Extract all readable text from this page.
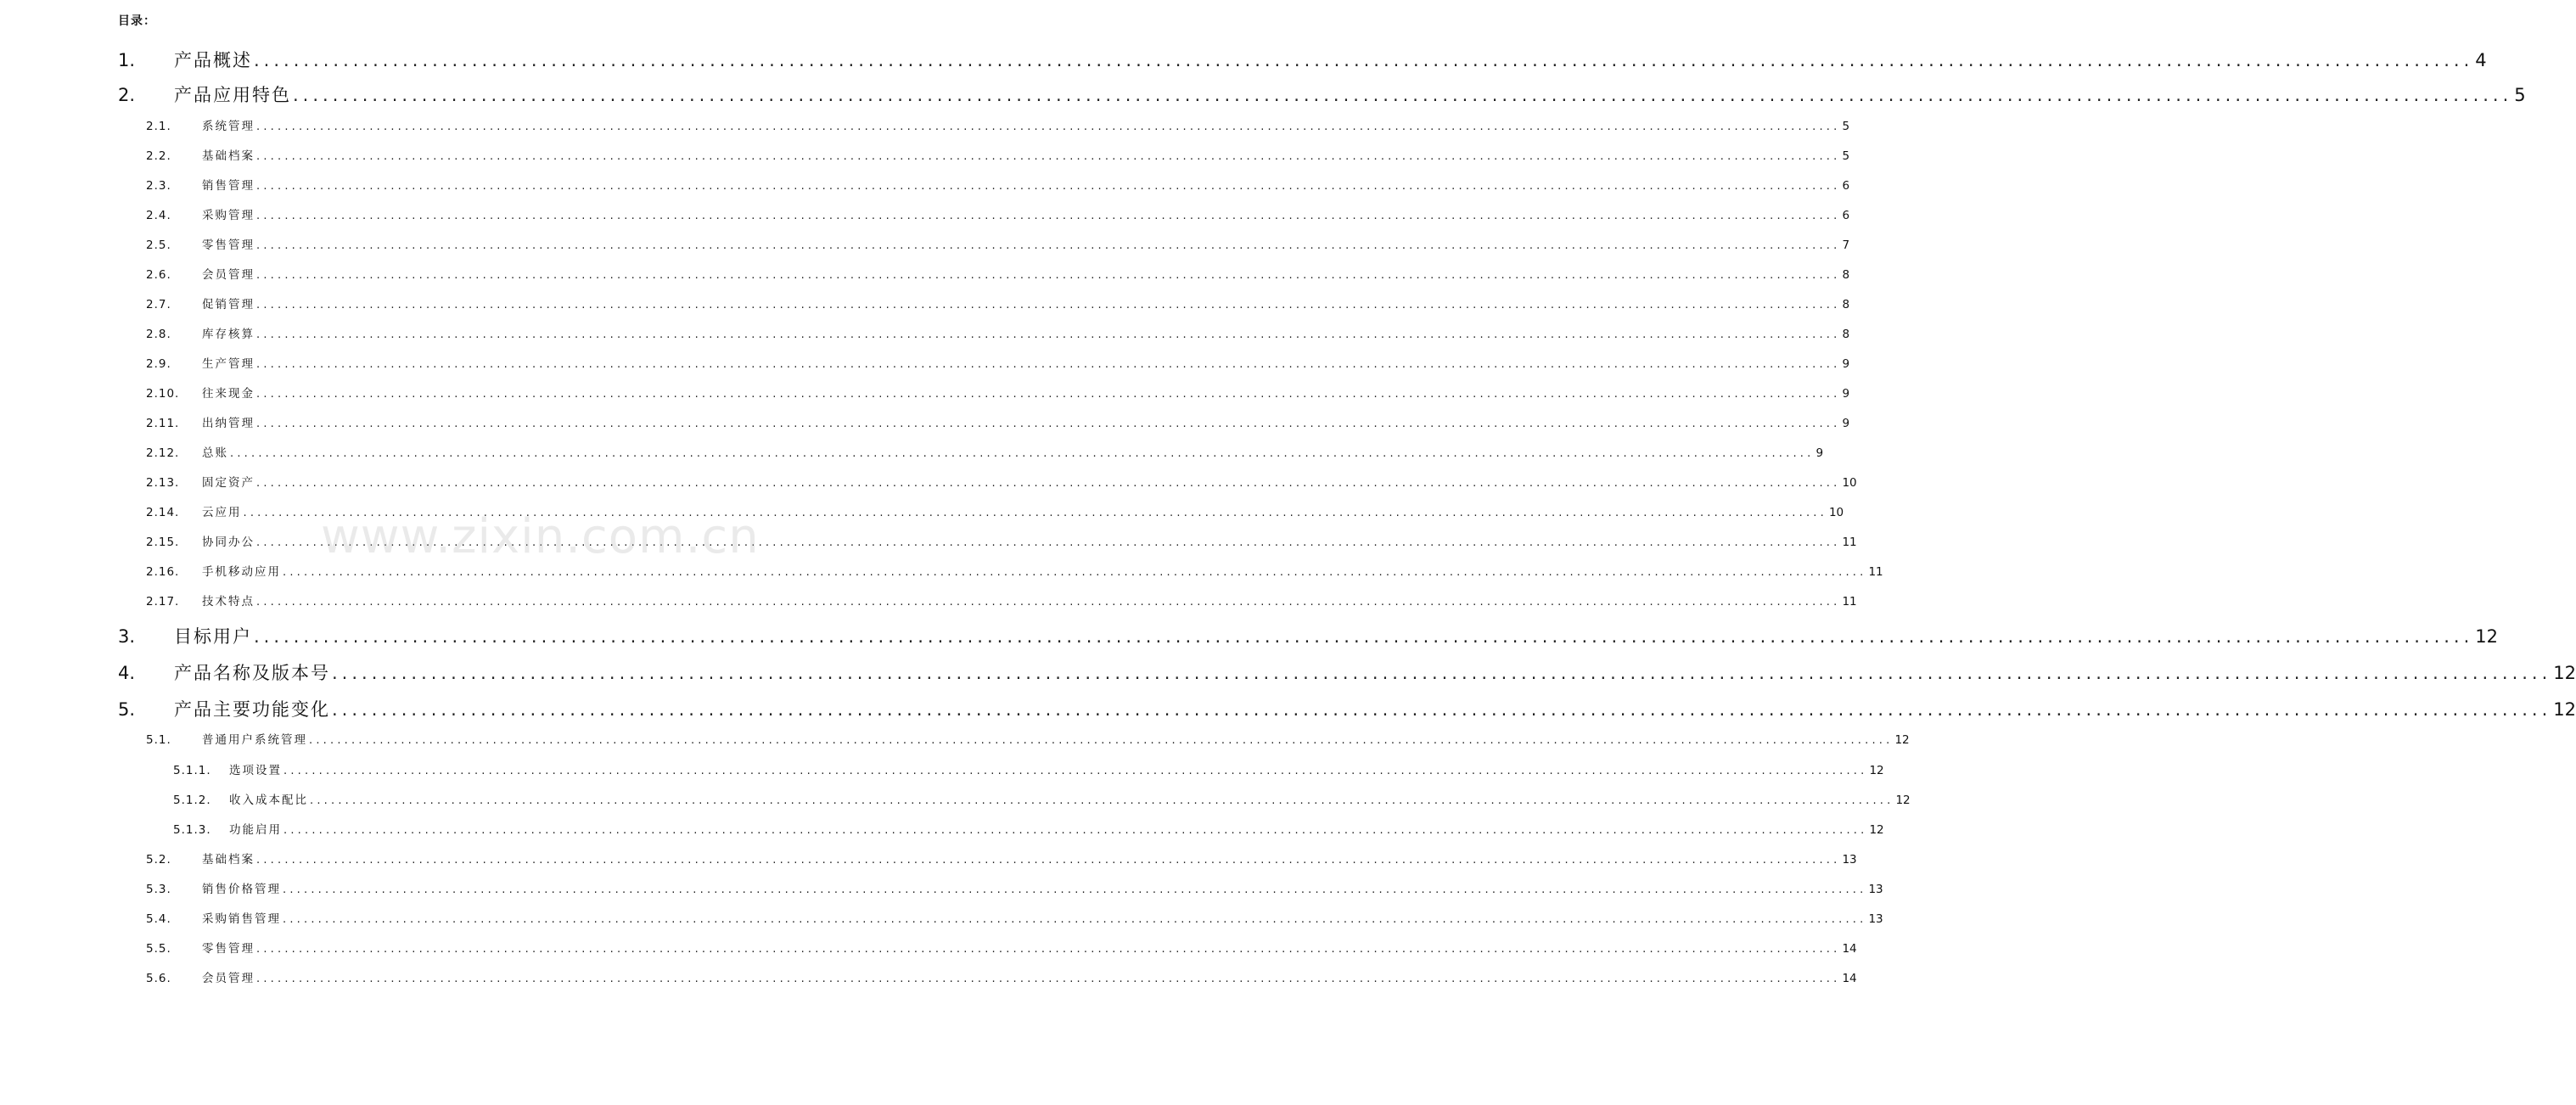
目录：
1.	产品概述 ................................................................................................................................................................................................................................ 4
2.	产品应用特色 ................................................................................................................................................................................................................................ 5
2.1.	系统管理 ................................................................................................................................................................................................................................ 5
2.2.	基础档案 ................................................................................................................................................................................................................................ 5
2.3.	销售管理 ................................................................................................................................................................................................................................ 6
2.4.	采购管理 ................................................................................................................................................................................................................................ 6
2.5.	零售管理 ................................................................................................................................................................................................................................ 7
2.6.	会员管理 ................................................................................................................................................................................................................................ 8
2.7.	促销管理 ................................................................................................................................................................................................................................ 8
2.8.	库存核算 ................................................................................................................................................................................................................................ 8
2.9.	生产管理 ................................................................................................................................................................................................................................ 9
2.10.	往来现金 ................................................................................................................................................................................................................................ 9
2.11.	出纳管理 ................................................................................................................................................................................................................................ 9
2.12.	总账 ................................................................................................................................................................................................................................ 9
2.13.	固定资产 ................................................................................................................................................................................................................................ 10
2.14.	云应用 ................................................................................................................................................................................................................................ 10
2.15.	协同办公 ................................................................................................................................................................................................................................ 11
2.16.	手机移动应用 ................................................................................................................................................................................................................................ 11
2.17.	技术特点 ................................................................................................................................................................................................................................ 11
3.	目标用户 ................................................................................................................................................................................................................................ 12
4.	产品名称及版本号 ................................................................................................................................................................................................................................ 12
5.	产品主要功能变化 ................................................................................................................................................................................................................................ 12
5.1.	普通用户系统管理 ................................................................................................................................................................................................................................ 12
5.1.1.	选项设置 ................................................................................................................................................................................................................................ 12
5.1.2.	收入成本配比 ................................................................................................................................................................................................................................ 12
5.1.3.	功能启用 ................................................................................................................................................................................................................................ 12
5.2.	基础档案 ................................................................................................................................................................................................................................ 13
5.3.	销售价格管理 ................................................................................................................................................................................................................................ 13
5.4.	采购销售管理 ................................................................................................................................................................................................................................ 13
5.5.	零售管理 ................................................................................................................................................................................................................................ 14
5.6.	会员管理 ................................................................................................................................................................................................................................ 14
www.zixin.com.cn
